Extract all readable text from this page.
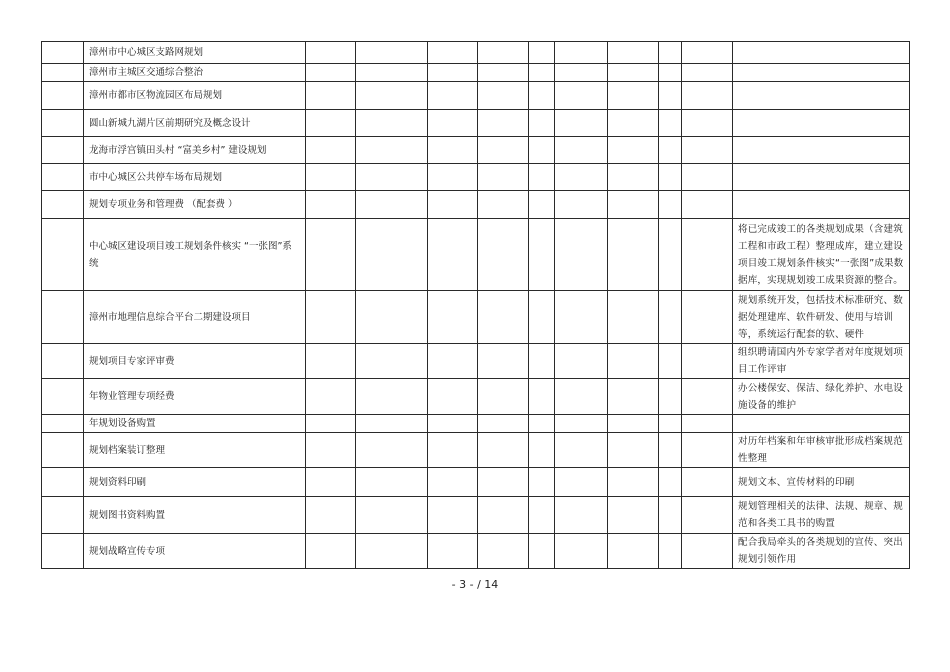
	漳州市中心城区支路网规划										
	漳州市主城区交通综合整治										
	漳州市都市区物流园区布局规划										
	圆山新城九湖片区前期研究及概念设计										
	龙海市浮宫镇田头村 “富美乡村” 建设规划										
	市中心城区公共停车场布局规划										
	规划专项业务和管理费 （配套费 ）										
	中心城区建设项目竣工规划条件核实 “一张图”系统										将已完成竣工的各类规划成果（含建筑工程和市政工程）整理成库，建立建设项目竣工规划条件核实“一张图”成果数据库，实现规划竣工成果资源的整合。
	漳州市地理信息综合平台二期建设项目										规划系统开发，包括技术标准研究、数据处理建库、软件研发、使用与培训等，系统运行配套的软、硬件
	规划项目专家评审费										组织聘请国内外专家学者对年度规划项目工作评审
	年物业管理专项经费										办公楼保安、保洁、绿化养护、水电设施设备的维护
	年规划设备购置										
	规划档案装订整理										对历年档案和年审核审批形成档案规范性整理
	规划资料印刷										规划文本、宣传材料的印刷
	规划图书资料购置										规划管理相关的法律、法规、规章、规范和各类工具书的购置
	规划战略宣传专项										配合我局牵头的各类规划的宣传、突出规划引领作用
- 3 - / 14
